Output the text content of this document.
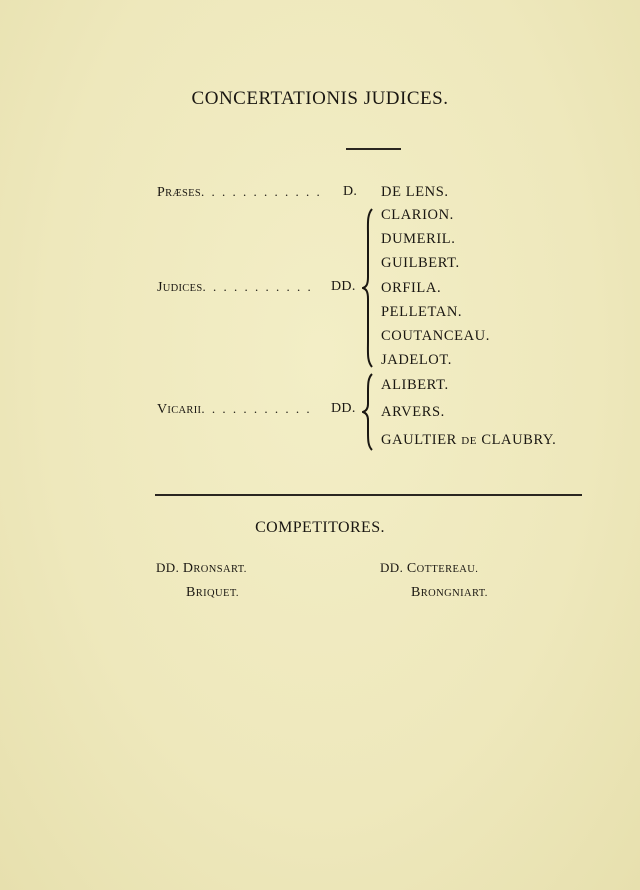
CONCERTATIONIS JUDICES.
PRÆSES. . . . . . . . . . . . D. DE LENS.
JUDICES. . . . . . . . . . . DD.
CLARION.
DUMERIL.
GUILBERT.
ORFILA.
PELLETAN.
COUTANCEAU.
JADELOT.
VICARII. . . . . . . . . . . DD.
ALIBERT.
ARVERS.
GAULTIER DE CLAUBRY.
COMPETITORES.
DD. DRONSART.
BRIQUET.
DD. COTTEREAU.
BRONGNIART.
